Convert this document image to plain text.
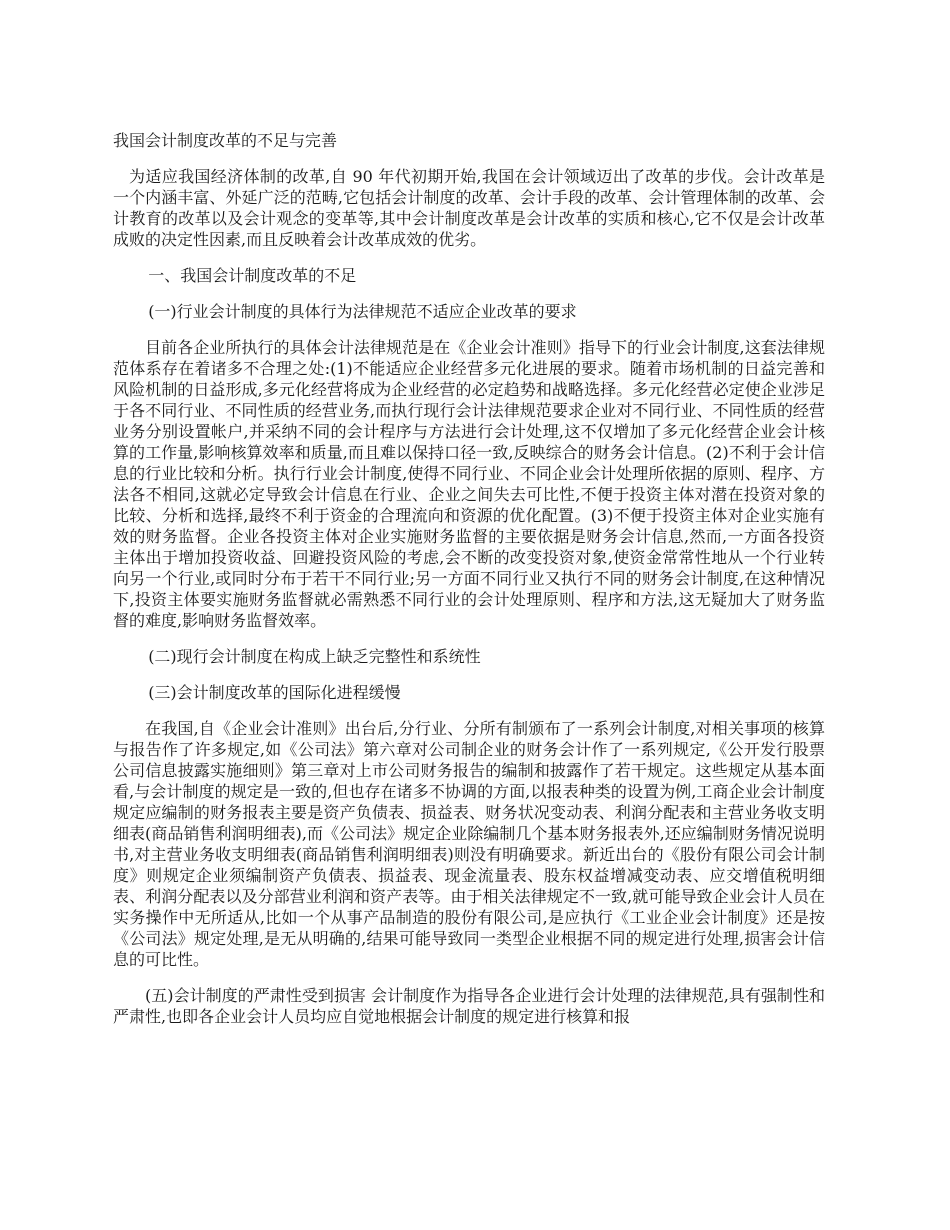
我国会计制度改革的不足与完善

为适应我国经济体制的改革,自 90 年代初期开始,我国在会计领域迈出了改革的步伐。会计改革是一个内涵丰富、外延广泛的范畴,它包括会计制度的改革、会计手段的改革、会计管理体制的改革、会计教育的改革以及会计观念的变革等,其中会计制度改革是会计改革的实质和核心,它不仅是会计改革成败的决定性因素,而且反映着会计改革成效的优劣。

一、我国会计制度改革的不足

(一)行业会计制度的具体行为法律规范不适应企业改革的要求

目前各企业所执行的具体会计法律规范是在《企业会计准则》指导下的行业会计制度,这套法律规范体系存在着诸多不合理之处:(1)不能适应企业经营多元化进展的要求。随着市场机制的日益完善和风险机制的日益形成,多元化经营将成为企业经营的必定趋势和战略选择。多元化经营必定使企业涉足于各不同行业、不同性质的经营业务,而执行现行会计法律规范要求企业对不同行业、不同性质的经营业务分别设置帐户,并采纳不同的会计程序与方法进行会计处理,这不仅增加了多元化经营企业会计核算的工作量,影响核算效率和质量,而且难以保持口径一致,反映综合的财务会计信息。(2)不利于会计信息的行业比较和分析。执行行业会计制度,使得不同行业、不同企业会计处理所依据的原则、程序、方法各不相同,这就必定导致会计信息在行业、企业之间失去可比性,不便于投资主体对潜在投资对象的比较、分析和选择,最终不利于资金的合理流向和资源的优化配置。(3)不便于投资主体对企业实施有效的财务监督。企业各投资主体对企业实施财务监督的主要依据是财务会计信息,然而,一方面各投资主体出于增加投资收益、回避投资风险的考虑,会不断的改变投资对象,使资金常常性地从一个行业转向另一个行业,或同时分布于若干不同行业;另一方面不同行业又执行不同的财务会计制度,在这种情况下,投资主体要实施财务监督就必需熟悉不同行业的会计处理原则、程序和方法,这无疑加大了财务监督的难度,影响财务监督效率。

(二)现行会计制度在构成上缺乏完整性和系统性

(三)会计制度改革的国际化进程缓慢

在我国,自《企业会计准则》出台后,分行业、分所有制颁布了一系列会计制度,对相关事项的核算与报告作了许多规定,如《公司法》第六章对公司制企业的财务会计作了一系列规定,《公开发行股票公司信息披露实施细则》第三章对上市公司财务报告的编制和披露作了若干规定。这些规定从基本面看,与会计制度的规定是一致的,但也存在诸多不协调的方面,以报表种类的设置为例,工商企业会计制度规定应编制的财务报表主要是资产负债表、损益表、财务状况变动表、利润分配表和主营业务收支明细表(商品销售利润明细表),而《公司法》规定企业除编制几个基本财务报表外,还应编制财务情况说明书,对主营业务收支明细表(商品销售利润明细表)则没有明确要求。新近出台的《股份有限公司会计制度》则规定企业须编制资产负债表、损益表、现金流量表、股东权益增减变动表、应交增值税明细表、利润分配表以及分部营业利润和资产表等。由于相关法律规定不一致,就可能导致企业会计人员在实务操作中无所适从,比如一个从事产品制造的股份有限公司,是应执行《工业企业会计制度》还是按《公司法》规定处理,是无从明确的,结果可能导致同一类型企业根据不同的规定进行处理,损害会计信息的可比性。

(五)会计制度的严肃性受到损害 会计制度作为指导各企业进行会计处理的法律规范,具有强制性和严肃性,也即各企业会计人员均应自觉地根据会计制度的规定进行核算和报
